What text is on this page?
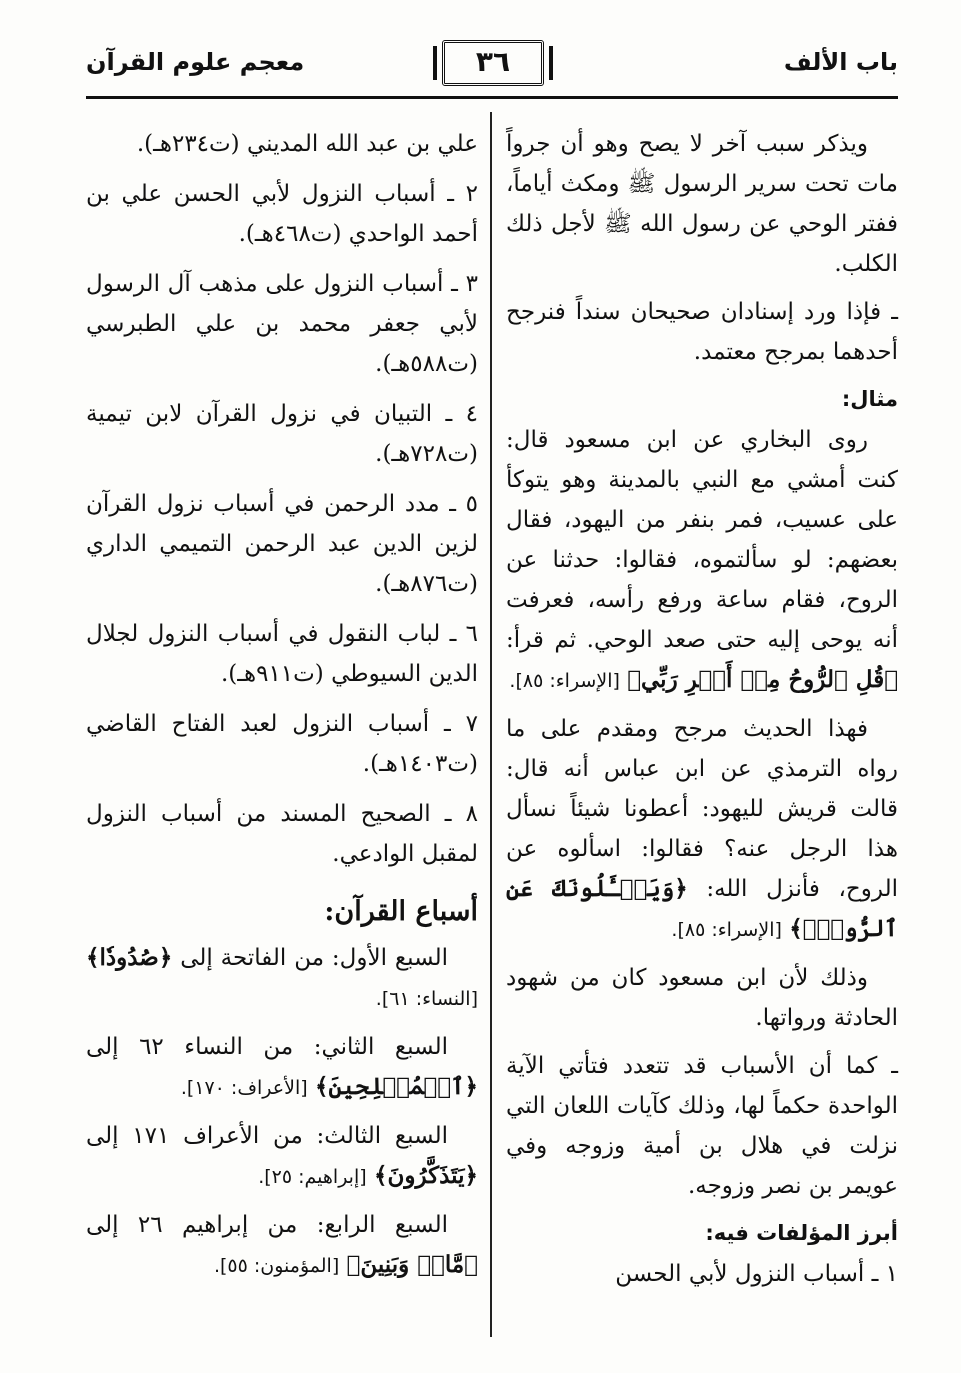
باب الألف
٣٦
معجم علوم القرآن

ويذكر سبب آخر لا يصح وهو أن جرواً مات تحت سرير الرسول ﷺ ومكث أياماً، ففتر الوحي عن رسول الله ﷺ لأجل ذلك الكلب.

ـ فإذا ورد إسنادان صحيحان سنداً فنرجح أحدهما بمرجح معتمد.

مثال:

روى البخاري عن ابن مسعود قال: كنت أمشي مع النبي بالمدينة وهو يتوكأ على عسيب، فمر بنفر من اليهود، فقال بعضهم: لو سألتموه، فقالوا: حدثنا عن الروح، فقام ساعة ورفع رأسه، فعرفت أنه يوحى إليه حتى صعد الوحي. ثم قرأ: ﴿قُلِ ٱلرُّوحُ مِنۡ أَمۡرِ رَبِّي﴾ [الإسراء: ٨٥].

فهذا الحديث مرجح ومقدم على ما رواه الترمذي عن ابن عباس أنه قال: قالت قريش لليهود: أعطونا شيئاً نسأل هذا الرجل عنه؟ فقالوا: اسألوه عن الروح، فأنزل الله: ﴿وَيَسۡـَٔلُونَكَ عَنِ ٱلرُّوحِۖ﴾ [الإسراء: ٨٥].

وذلك لأن ابن مسعود كان من شهود الحادثة ورواتها.

ـ كما أن الأسباب قد تتعدد فتأتي الآية الواحدة حكماً لها، وذلك كآيات اللعان التي نزلت في هلال بن أمية وزوجه وفي عويمر بن نصر وزوجه.

أبرز المؤلفات فيه:

١ ـ أسباب النزول لأبي الحسن

علي بن عبد الله المديني (ت٢٣٤هـ).

٢ ـ أسباب النزول لأبي الحسن علي بن أحمد الواحدي (ت٤٦٨هـ).

٣ ـ أسباب النزول على مذهب آل الرسول لأبي جعفر محمد بن علي الطبرسي (ت٥٨٨هـ).

٤ ـ التبيان في نزول القرآن لابن تيمية (ت٧٢٨هـ).

٥ ـ مدد الرحمن في أسباب نزول القرآن لزين الدين عبد الرحمن التميمي الداري (ت٨٧٦هـ).

٦ ـ لباب النقول في أسباب النزول لجلال الدين السيوطي (ت٩١١هـ).

٧ ـ أسباب النزول لعبد الفتاح القاضي (ت١٤٠٣هـ).

٨ ـ الصحيح المسند من أسباب النزول لمقبل الوادعي.

أسباع القرآن:

السبع الأول: من الفاتحة إلى ﴿صُدُودٗا﴾ [النساء: ٦١].

السبع الثاني: من النساء ٦٢ إلى ﴿ٱلۡمُصۡلِحِينَ﴾ [الأعراف: ١٧٠].

السبع الثالث: من الأعراف ١٧١ إلى ﴿يَتَذَكَّرُونَ﴾ [إبراهيم: ٢٥].

السبع الرابع: من إبراهيم ٢٦ إلى ﴿مَّالٖ وَبَنِينَ﴾ [المؤمنون: ٥٥].
